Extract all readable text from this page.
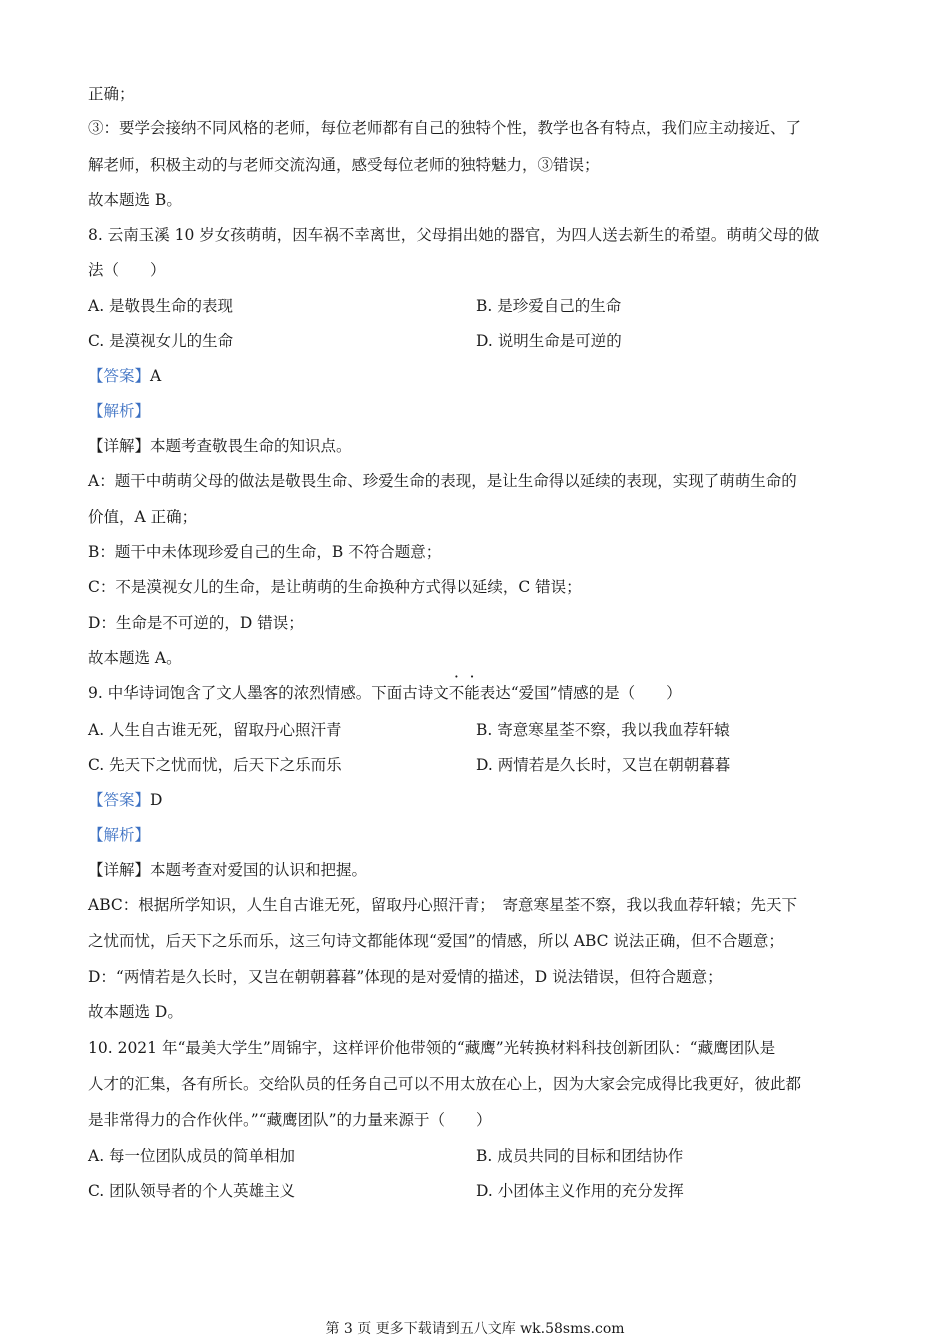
正确；
③：要学会接纳不同风格的老师，每位老师都有自己的独特个性，教学也各有特点，我们应主动接近、了
解老师，积极主动的与老师交流沟通，感受每位老师的独特魅力，③错误；
故本题选 B。
8. 云南玉溪 10 岁女孩萌萌，因车祸不幸离世，父母捐出她的器官，为四人送去新生的希望。萌萌父母的做
法（　　）
A. 是敬畏生命的表现	B. 是珍爱自己的生命
C. 是漠视女儿的生命	D. 说明生命是可逆的
【答案】A
【解析】
【详解】本题考查敬畏生命的知识点。
A：题干中萌萌父母的做法是敬畏生命、珍爱生命的表现，是让生命得以延续的表现，实现了萌萌生命的
价值，A 正确；
B：题干中未体现珍爱自己的生命，B 不符合题意；
C：不是漠视女儿的生命，是让萌萌的生命换种方式得以延续，C 错误；
D：生命是不可逆的，D 错误；
故本题选 A。
9. 中华诗词饱含了文人墨客的浓烈情感。下面古诗文不能表达“爱国”情感的是（　　）
A. 人生自古谁无死，留取丹心照汗青	B. 寄意寒星荃不察，我以我血荐轩辕
C. 先天下之忧而忧，后天下之乐而乐	D. 两情若是久长时，又岂在朝朝暮暮
【答案】D
【解析】
【详解】本题考查对爱国的认识和把握。
ABC：根据所学知识，人生自古谁无死，留取丹心照汗青；　寄意寒星荃不察，我以我血荐轩辕；先天下
之忧而忧，后天下之乐而乐，这三句诗文都能体现“爱国”的情感，所以 ABC 说法正确，但不合题意；
D：“两情若是久长时，又岂在朝朝暮暮”体现的是对爱情的描述，D 说法错误，但符合题意；
故本题选 D。
10. 2021 年“最美大学生”周锦宇，这样评价他带领的“藏鹰”光转换材料科技创新团队：“藏鹰团队是
人才的汇集，各有所长。交给队员的任务自己可以不用太放在心上，因为大家会完成得比我更好，彼此都
是非常得力的合作伙伴。”“藏鹰团队”的力量来源于（　　）
A. 每一位团队成员的简单相加	B. 成员共同的目标和团结协作
C. 团队领导者的个人英雄主义	D. 小团体主义作用的充分发挥
第 3 页 更多下载请到五八文库 wk.58sms.com
